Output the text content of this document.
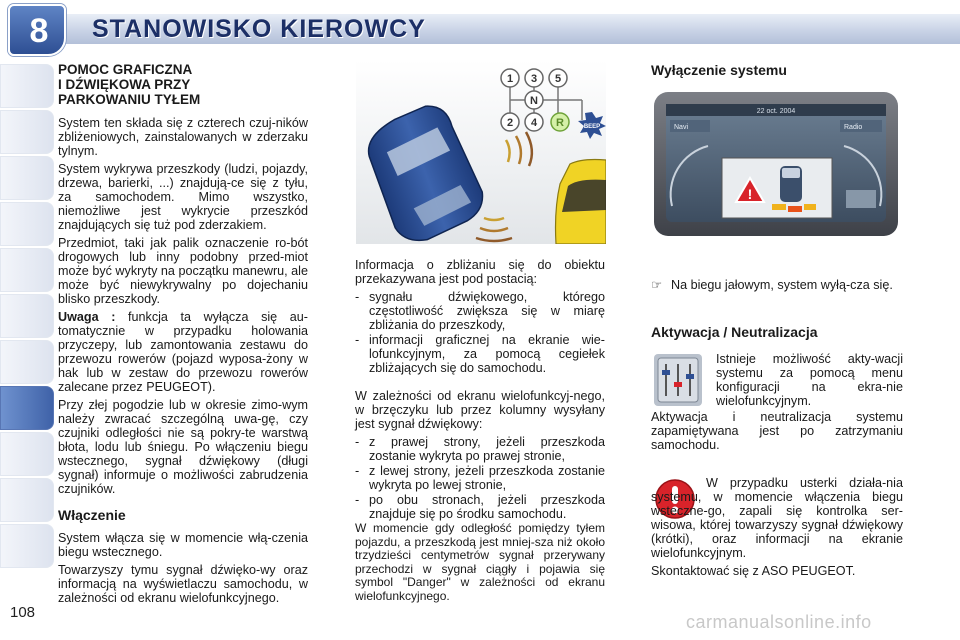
8	STANOWISKO KIEROWCY
108
POMOC GRAFICZNA
I DŹWIĘKOWA PRZY
PARKOWANIU TYŁEM

System ten składa się z czterech czuj-ników zbliżeniowych, zainstalowanych w zderzaku tylnym.

System wykrywa przeszkody (ludzi, pojazdy, drzewa, barierki, ...) znajdują-ce się z tyłu, za samochodem. Mimo wszystko, niemożliwe jest wykrycie przeszkód znajdujących się tuż pod zderzakiem.

Przedmiot, taki jak palik oznaczenie ro-bót drogowych lub inny podobny przed-miot może być wykryty na początku manewru, ale może być niewykrywalny po dojechaniu blisko przeszkody.

Uwaga : funkcja ta wyłącza się au-tomatycznie w przypadku holowania przyczepy, lub zamontowania zestawu do przewozu rowerów (pojazd wyposa-żony w hak lub w zestaw do przewozu rowerów zalecane przez PEUGEOT).

Przy złej pogodzie lub w okresie zimo-wym należy zwracać szczególną uwa-gę, czy czujniki odległości nie są pokry-te warstwą błota, lodu lub śniegu. Po włączeniu biegu wstecznego, sygnał dźwiękowy (długi sygnał) informuje o możliwości zabrudzenia czujników.

Włączenie

System włącza się w momencie włą-czenia biegu wstecznego.

Towarzyszy tymu sygnał dźwięko-wy oraz informacją na wyświetlaczu samochodu, w zależności od ekranu wielofunkcyjnego.

1 3 5
N
2 4 R	BEEP

Informacja o zbliżaniu się do obiektu przekazywana jest pod postacią:

- sygnału dźwiękowego, którego częstotliwość zwiększa się w miarę zbliżania do przeszkody,
- informacji graficznej na ekranie wie-lofunkcyjnym, za pomocą cegiełek zbliżających się do samochodu.

W zależności od ekranu wielofunkcyj-nego, w brzęczyku lub przez kolumny wysyłany jest sygnał dźwiękowy:

- z prawej strony, jeżeli przeszkoda zostanie wykryta po prawej stronie,
- z lewej strony, jeżeli przeszkoda zostanie wykryta po lewej stronie,
- po obu stronach, jeżeli przeszkoda znajduje się po środku samochodu.

W momencie gdy odległość pomiędzy tyłem pojazdu, a przeszkodą jest mniej-sza niż około trzydzieści centymetrów sygnał przerywany przechodzi w sygnał ciągły i pojawia się symbol "Danger" w zależności od ekranu wielofunkcyjnego.

Wyłączenie systemu
22 oct. 2004
Navi	Radio
!
☞ Na biegu jałowym, system wyłą-cza się.
Aktywacja / Neutralizacja

Istnieje możliwość akty-wacji systemu za pomocą menu konfiguracji na ekra-nie wielofunkcyjnym.

Aktywacja i neutralizacja systemu zapamiętywana jest po zatrzymaniu samochodu.

W przypadku usterki działa-nia systemu, w momencie włączenia biegu wsteczne-go, zapali się kontrolka ser-wisowa, której towarzyszy sygnał dźwiękowy (krótki), oraz informacji na ekranie wielofunkcyjnym.

Skontaktować się z ASO PEUGEOT.

carmanualsonline.info
